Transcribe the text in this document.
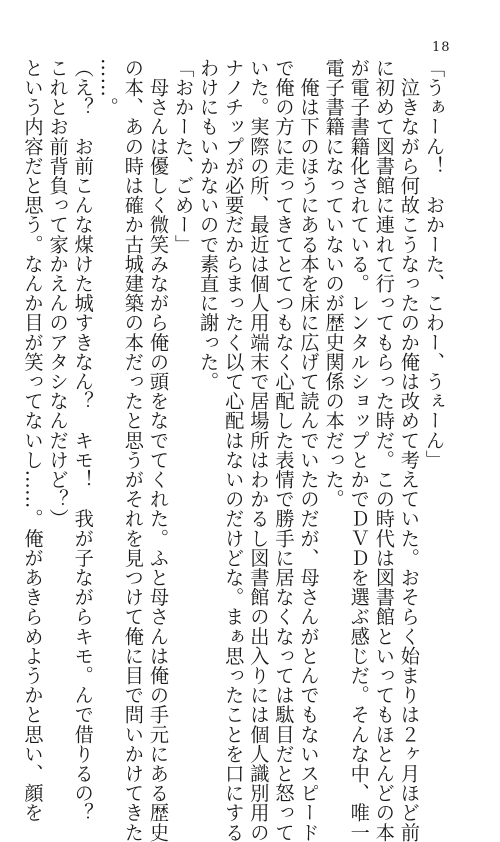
18
「うぁーん！　おかーた、こわー、うぇーん」
　泣きながら何故こうなったのか俺は改めて考えていた。おそらく始まりは２ヶ月ほど前
に初めて図書館に連れて行ってもらった時だ。この時代は図書館といってもほとんどの本
が電子書籍化されている。レンタルショップとかでＤＶＤを選ぶ感じだ。そんな中、唯一
電子書籍になっていないのが歴史関係の本だった。
　俺は下のほうにある本を床に広げて読んでいたのだが、母さんがとんでもないスピード
で俺の方に走ってきてとてつもなく心配した表情で勝手に居なくなっては駄目だと怒って
いた。実際の所、最近は個人用端末で居場所はわかるし図書館の出入りには個人識別用の
ナノチップが必要だからまったく以て心配はないのだけどな。まぁ思ったことを口にする
わけにもいかないので素直に謝った。
「おかーた、ごめー」
　母さんは優しく微笑みながら俺の頭をなでてくれた。ふと母さんは俺の手元にある歴史
の本、あの時は確か古城建築の本だったと思うがそれを見つけて俺に目で問いかけてきた
……。
（え？　お前こんな煤けた城すきなん？　キモ！　我が子ながらキモ。んで借りるの？
これとお前背負って家かえんのアタシなんだけど？）
という内容だと思う。なんか目が笑ってないし……。俺があきらめようかと思い、顔を
